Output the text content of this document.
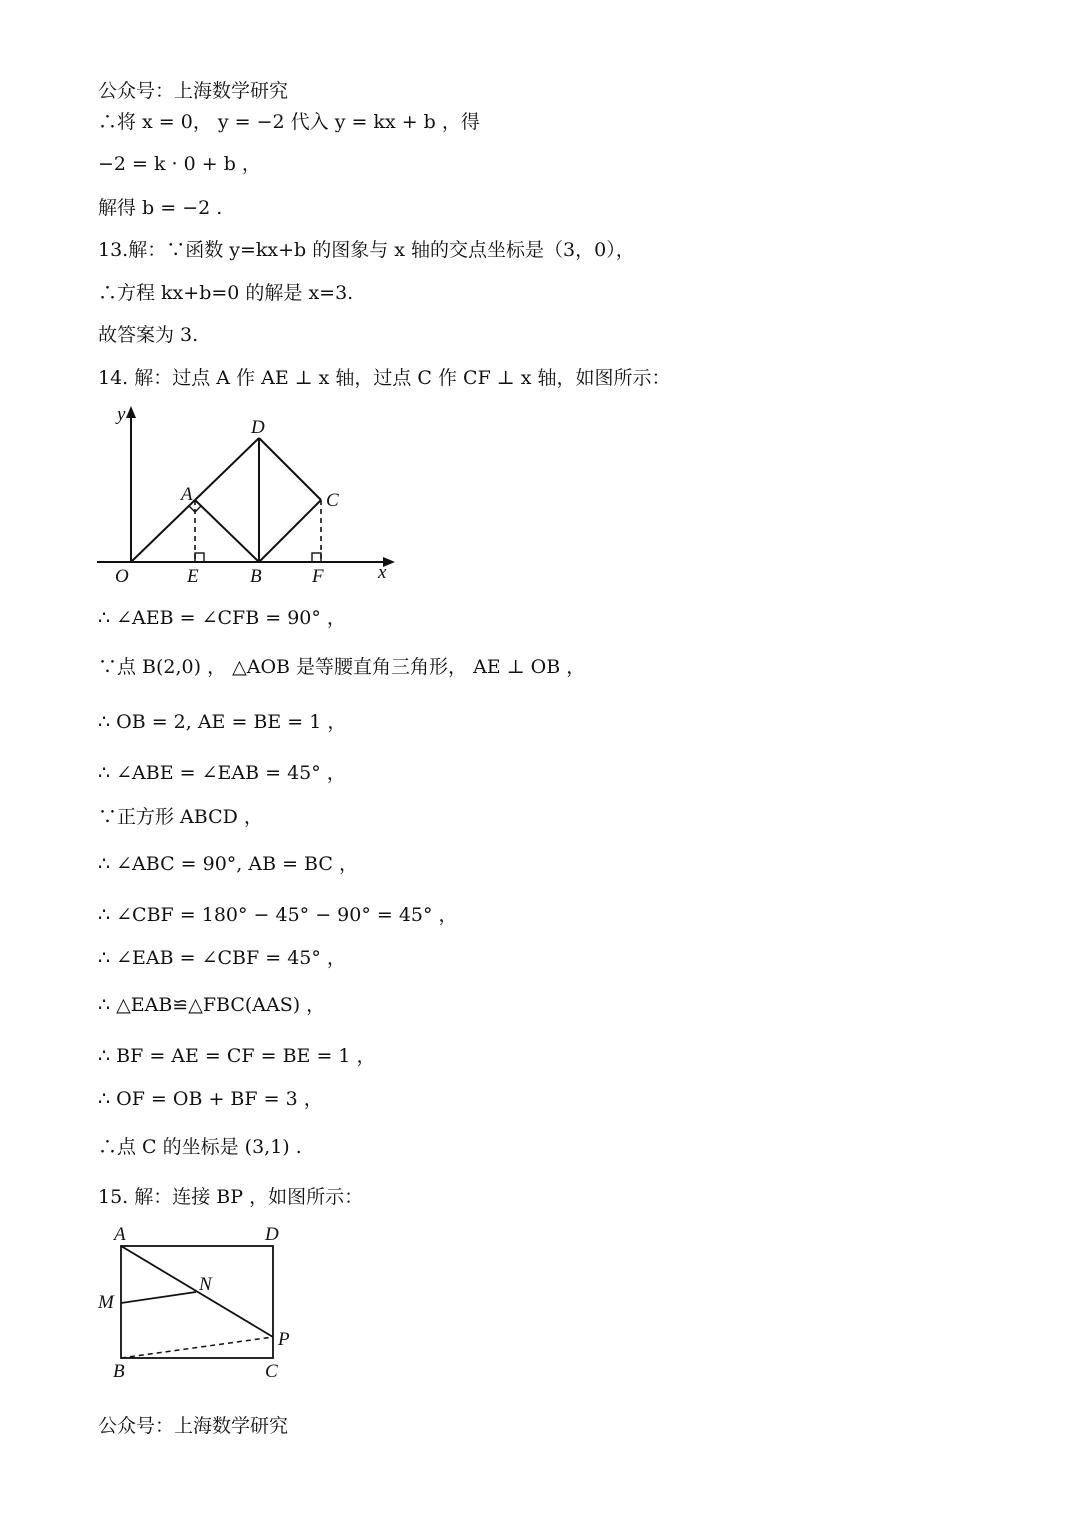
公众号：上海数学研究
∴将 x = 0， y = −2 代入 y = kx + b ，得
−2 = k · 0 + b ，
解得 b = −2 .
13.解：∵函数 y=kx+b 的图象与 x 轴的交点坐标是（3，0），
∴方程 kx+b=0 的解是 x=3.
故答案为 3.
14. 解：过点 A 作 AE ⊥ x 轴，过点 C 作 CF ⊥ x 轴，如图所示：
y
x
O
A
D
C
E	B	F
∴ ∠AEB = ∠CFB = 90° ，
∵点 B(2,0) ， △AOB 是等腰直角三角形， AE ⊥ OB ，
∴ OB = 2, AE = BE = 1 ，
∴ ∠ABE = ∠EAB = 45° ，
∵正方形 ABCD ，
∴ ∠ABC = 90°, AB = BC ，
∴ ∠CBF = 180° − 45° − 90° = 45° ，
∴ ∠EAB = ∠CBF = 45° ，
∴ △EAB≌△FBC(AAS) ，
∴ BF = AE = CF = BE = 1 ，
∴ OF = OB + BF = 3 ，
∴点 C 的坐标是 (3,1) .
15. 解：连接 BP ，如图所示：
A	D
M
N
P
B	C
公众号：上海数学研究
